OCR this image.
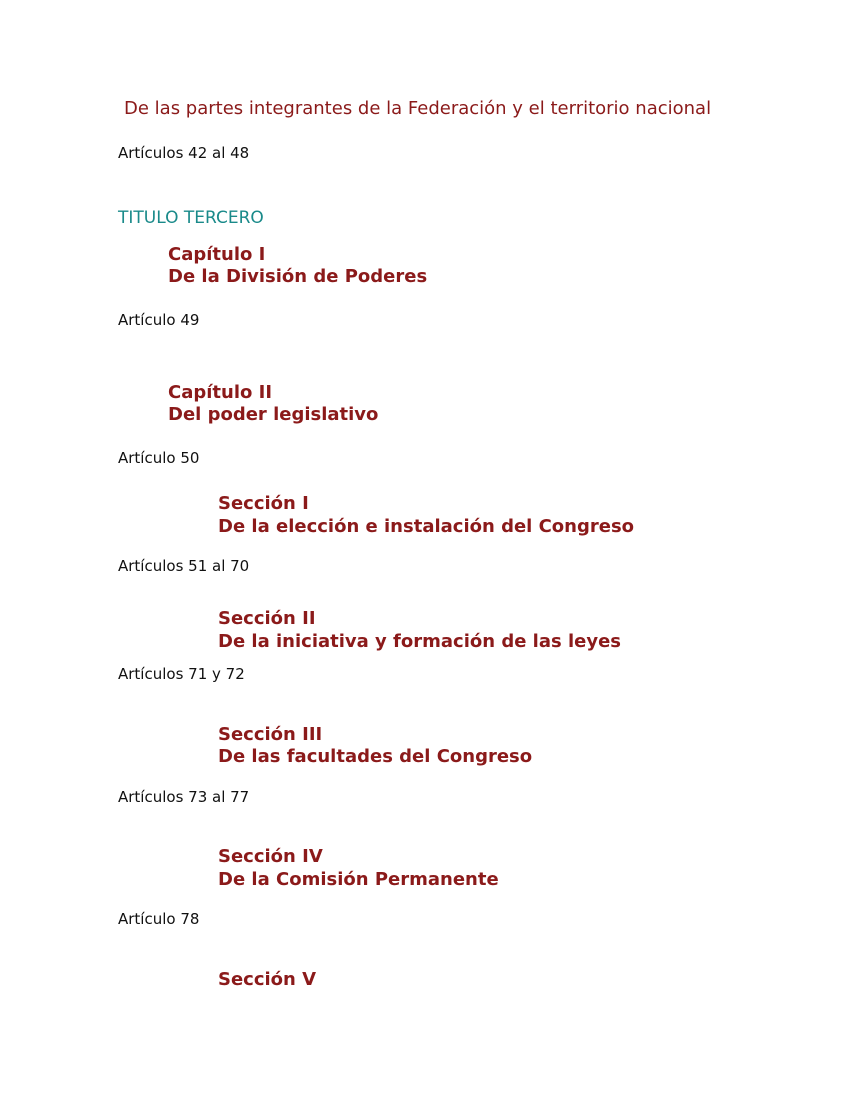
De las partes integrantes de la Federación y el territorio nacional
Artículos 42 al 48
TITULO TERCERO
Capítulo I
De la División de Poderes
Artículo 49
Capítulo II
Del poder legislativo
Artículo 50
Sección I
De la elección e instalación del Congreso
Artículos 51 al 70
Sección II
De la iniciativa y formación de las leyes
Artículos 71 y 72
Sección III
De las facultades del Congreso
Artículos 73 al 77
Sección IV
De la Comisión Permanente
Artículo 78
Sección V
